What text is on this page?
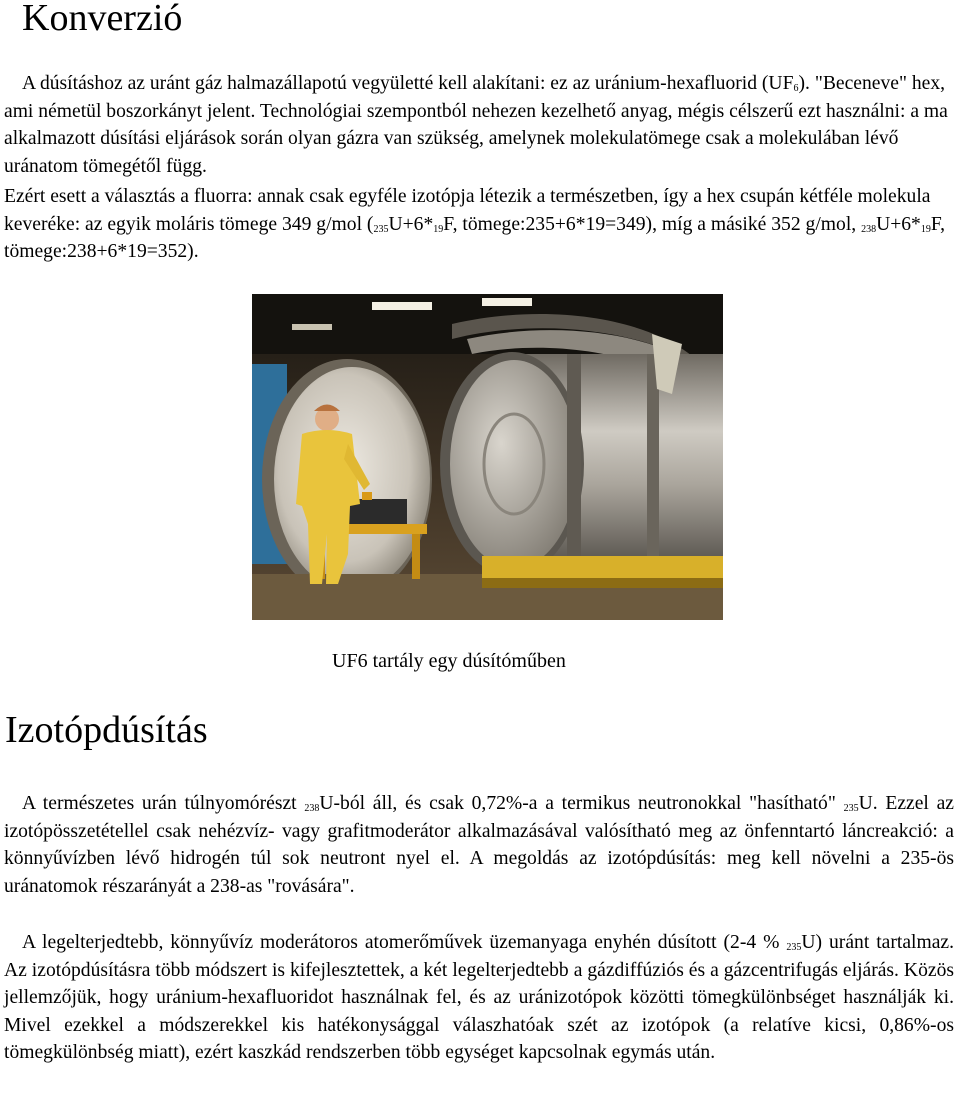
Konverzió

A dúsításhoz az uránt gáz halmazállapotú vegyületté kell alakítani: ez az uránium-hexafluorid $(UF_6)$. "Beceneve" hex, ami németül boszorkányt jelent. Technológiai szempontból nehezen kezelhető anyag, mégis célszerű ezt használni: a ma alkalmazott dúsítási eljárások során olyan gázra van szükség, amelynek molekulatömege csak a molekulában lévő uránatom tömegétől függ.

Ezért esett a választás a fluorra: annak csak egyféle izotópja létezik a természetben, így a hex csupán kétféle molekula keveréke: az egyik moláris tömege 349 g/mol ($_{235}U+6*_{19}F$, tömege:235+6*19=349), míg a másiké 352 g/mol, $_{238}U+6*_{19}F$, tömege:238+6*19=352).

UF6 tartály egy dúsítóműben

Izotópdúsítás

A természetes urán túlnyomórészt $_{238}$U-ból áll, és csak 0,72%-a a termikus neutronokkal "hasítható" $_{235}$U. Ezzel az izotópösszetétellel csak nehézvíz- vagy grafitmoderátor alkalmazásával valósítható meg az önfenntartó láncreakció: a könnyűvízben lévő hidrogén túl sok neutront nyel el. A megoldás az izotópdúsítás: meg kell növelni a 235-ös uránatomok részarányát a 238-as "rovására".

A legelterjedtebb, könnyűvíz moderátoros atomerőművek üzemanyaga enyhén dúsított (2-4 % $_{235}$U) uránt tartalmaz. Az izotópdúsításra több módszert is kifejlesztettek, a két legelterjedtebb a gázdiffúziós és a gázcentrifugás eljárás. Közös jellemzőjük, hogy uránium-hexafluoridot használnak fel, és az uránizotópok közötti tömegkülönbséget használják ki. Mivel ezekkel a módszerekkel kis hatékonysággal válaszhatóak szét az izotópok (a relatíve kicsi, 0,86%-os tömegkülönbség miatt), ezért kaszkád rendszerben több egységet kapcsolnak egymás után.
